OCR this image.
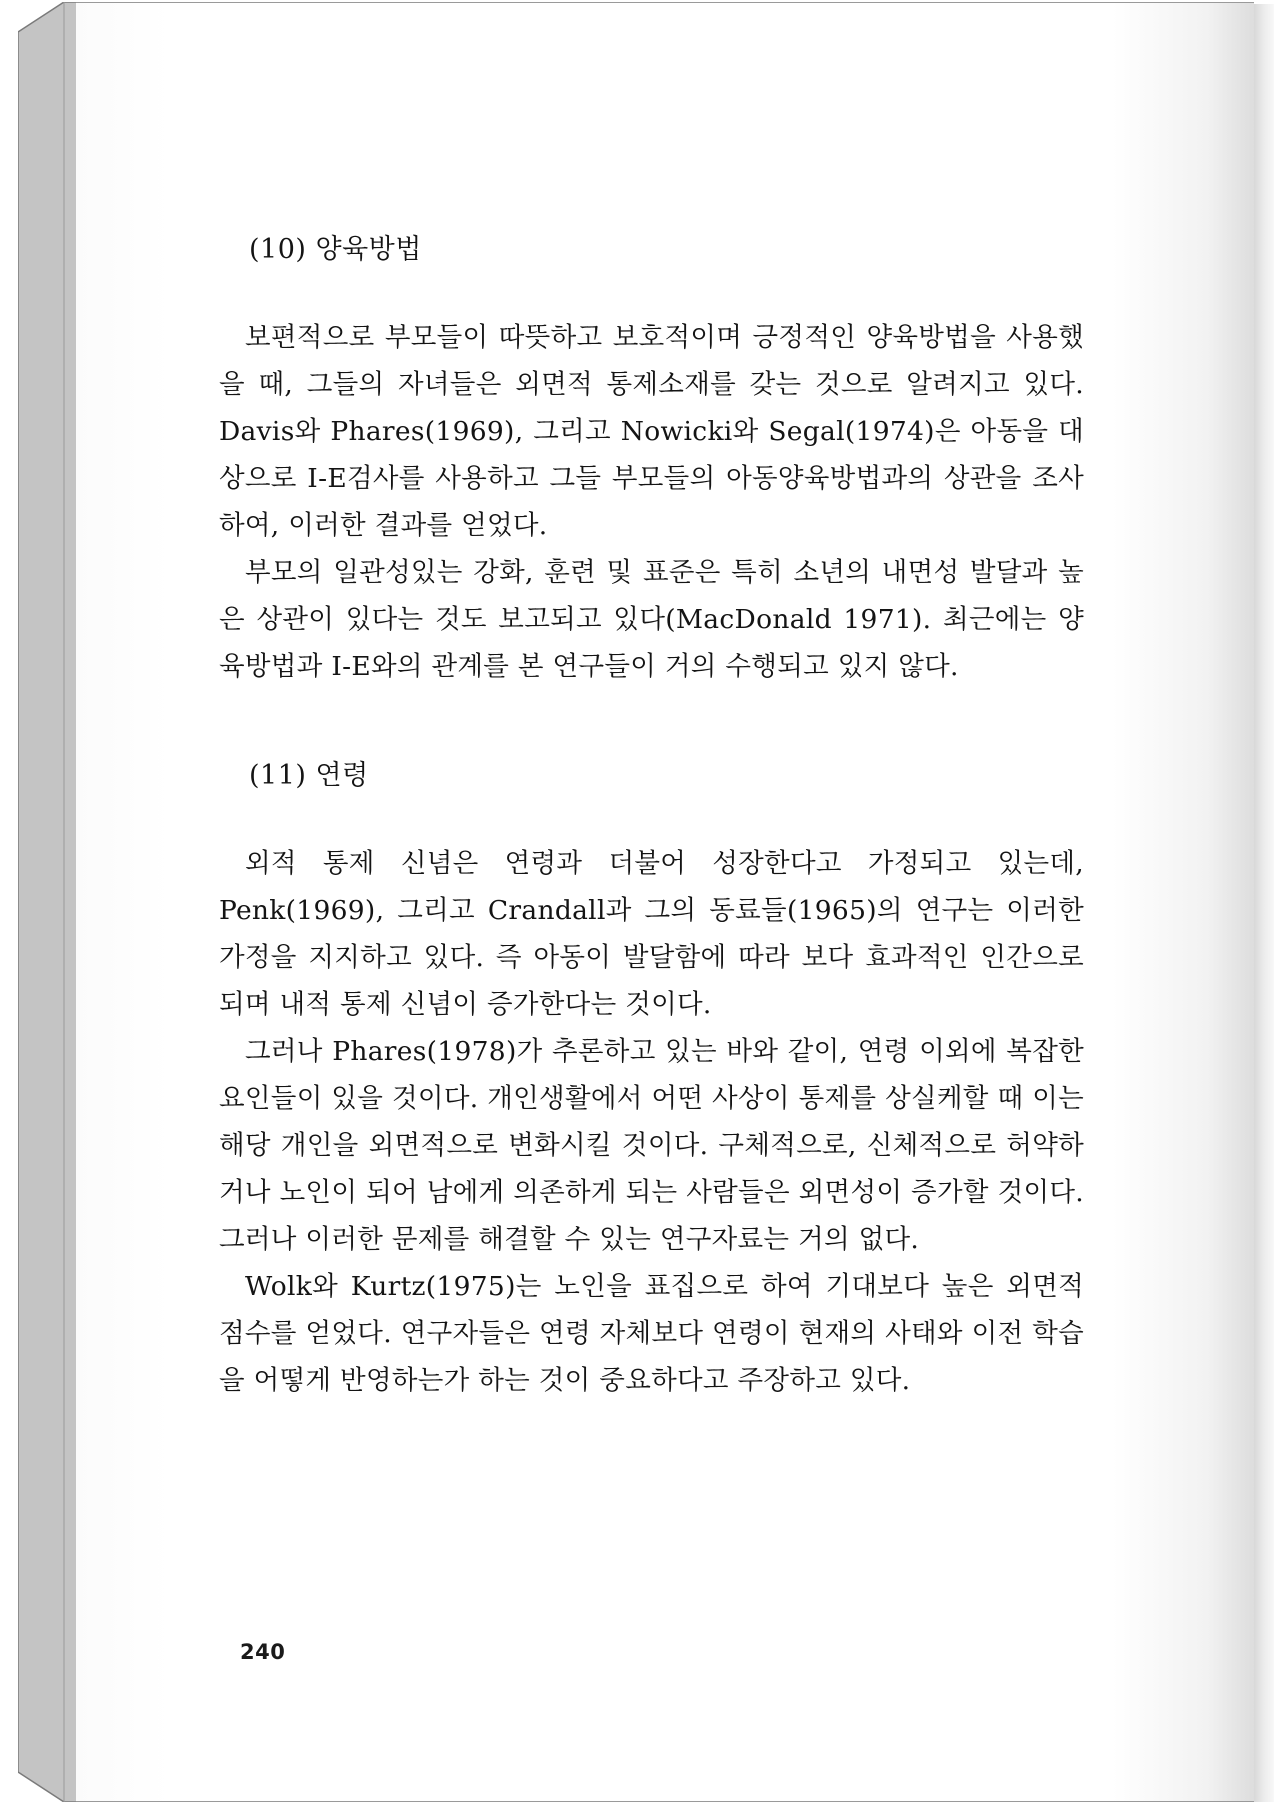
(10) 양육방법

보편적으로 부모들이 따뜻하고 보호적이며 긍정적인 양육방법을 사용했을 때, 그들의 자녀들은 외면적 통제소재를 갖는 것으로 알려지고 있다. Davis와 Phares(1969), 그리고 Nowicki와 Segal(1974)은 아동을 대상으로 I-E검사를 사용하고 그들 부모들의 아동양육방법과의 상관을 조사하여, 이러한 결과를 얻었다.

부모의 일관성있는 강화, 훈련 및 표준은 특히 소년의 내면성 발달과 높은 상관이 있다는 것도 보고되고 있다(MacDonald 1971). 최근에는 양육방법과 I-E와의 관계를 본 연구들이 거의 수행되고 있지 않다.

(11) 연령

외적 통제 신념은 연령과 더불어 성장한다고 가정되고 있는데, Penk(1969), 그리고 Crandall과 그의 동료들(1965)의 연구는 이러한 가정을 지지하고 있다. 즉 아동이 발달함에 따라 보다 효과적인 인간으로 되며 내적 통제 신념이 증가한다는 것이다.

그러나 Phares(1978)가 추론하고 있는 바와 같이, 연령 이외에 복잡한 요인들이 있을 것이다. 개인생활에서 어떤 사상이 통제를 상실케할 때 이는 해당 개인을 외면적으로 변화시킬 것이다. 구체적으로, 신체적으로 허약하거나 노인이 되어 남에게 의존하게 되는 사람들은 외면성이 증가할 것이다. 그러나 이러한 문제를 해결할 수 있는 연구자료는 거의 없다.

Wolk와 Kurtz(1975)는 노인을 표집으로 하여 기대보다 높은 외면적 점수를 얻었다. 연구자들은 연령 자체보다 연령이 현재의 사태와 이전 학습을 어떻게 반영하는가 하는 것이 중요하다고 주장하고 있다.

240
